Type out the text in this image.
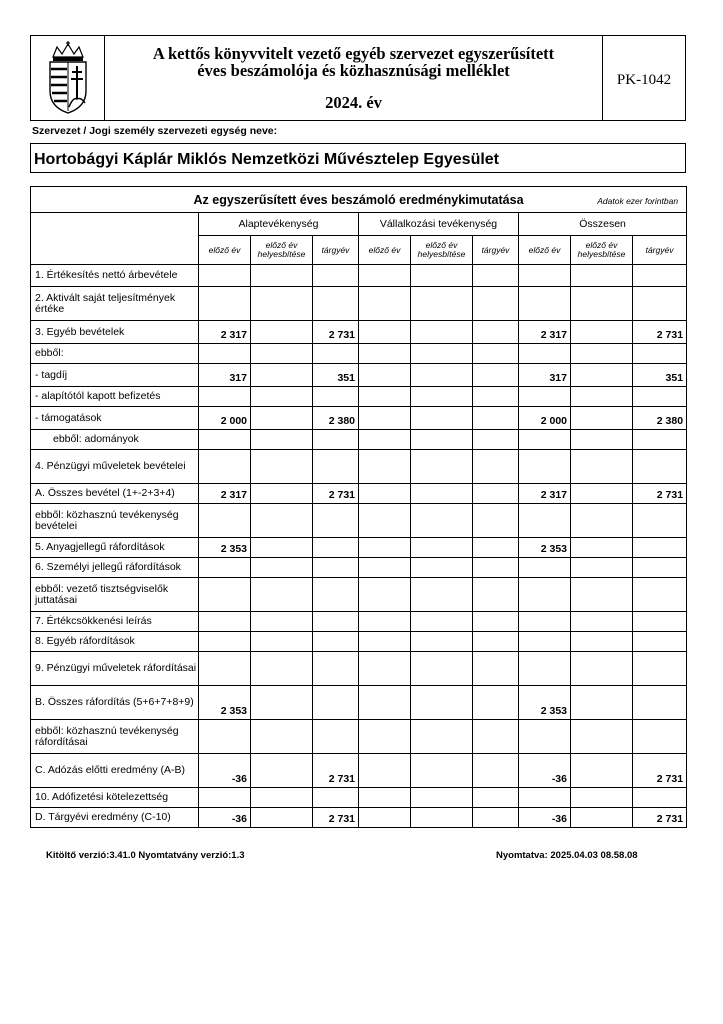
A kettős könyvvitelt vezető egyéb szervezet egyszerűsített
éves beszámolója és közhasznúsági melléklet
2024. év
PK-1042
Szervezet / Jogi személy szervezeti egység neve:
Hortobágyi Káplár Miklós Nemzetközi Művésztelep Egyesület
Az egyszerűsített éves beszámoló eredménykimutatása Adatok ezer forintban									

	Alaptevékenység			Vállalkozási tevékenység			Összesen		
	előző év	előző év helyesbítése	tárgyév	előző év	előző év helyesbítése	tárgyév	előző év	előző év helyesbítése	tárgyév
1. Értékesítés nettó árbevétele									
2. Aktivált saját teljesítmények értéke									
3. Egyéb bevételek	2 317		2 731				2 317		2 731
ebből:									
- tagdíj	317		351				317		351
- alapítótól kapott befizetés									
- támogatások	2 000		2 380				2 000		2 380
ebből: adományok									
4. Pénzügyi műveletek bevételei									
A. Összes bevétel (1+-2+3+4)	2 317		2 731				2 317		2 731
ebből: közhasznú tevékenység bevételei									
5. Anyagjellegű ráfordítások	2 353						2 353		
6. Személyi jellegű ráfordítások									
ebből: vezető tisztségviselők juttatásai									
7. Értékcsökkenési leírás									
8. Egyéb ráfordítások									
9. Pénzügyi műveletek ráfordításai									
B. Összes ráfordítás (5+6+7+8+9)	2 353						2 353		
ebből: közhasznú tevékenység ráfordításai									
C. Adózás előtti eredmény (A-B)	-36		2 731				-36		2 731
10. Adófizetési kötelezettség									
D. Tárgyévi eredmény (C-10)	-36		2 731				-36		2 731
Kitöltő verzió:3.41.0 Nyomtatvány verzió:1.3	Nyomtatva: 2025.04.03 08.58.08
